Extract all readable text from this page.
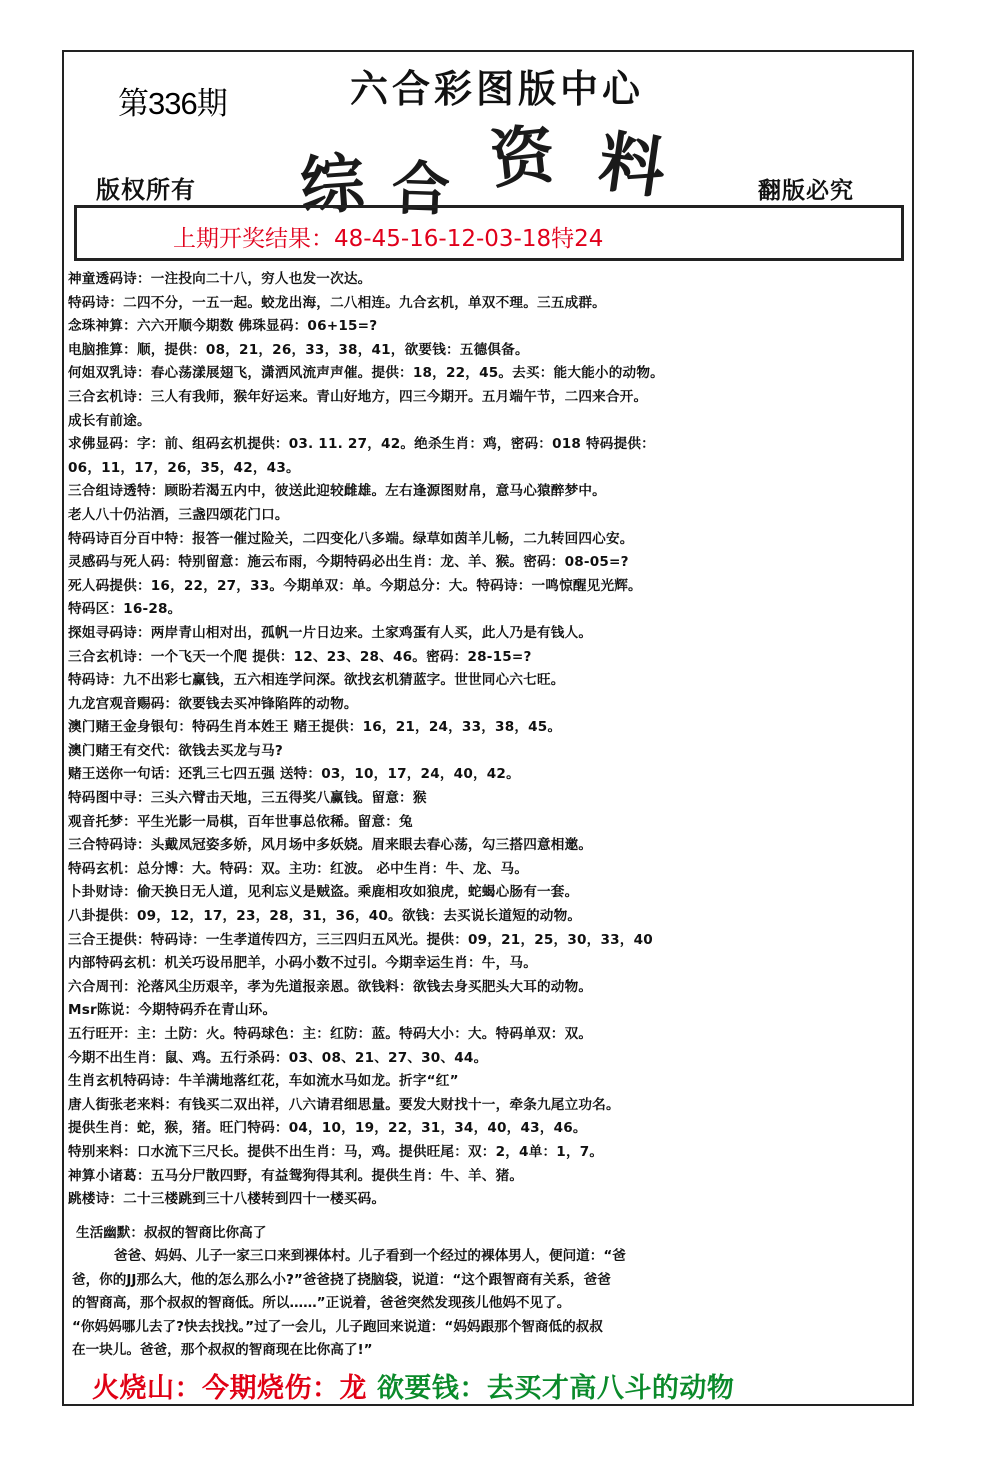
第336期	六合彩图版中心
综 合 资 料
版权所有	翻版必究
上期开奖结果：48-45-16-12-03-18特24
神童透码诗：一注投向二十八，穷人也发一次达。
特码诗：二四不分，一五一起。蛟龙出海，二八相连。九合玄机，单双不理。三五成群。
念珠神算：六六开顺今期数 佛珠显码：06+15=?
电脑推算：顺，提供：08，21，26，33，38，41，欲要钱：五德俱备。
何姐双乳诗：春心荡漾展翅飞，潇洒风流声声催。提供：18，22，45。去买：能大能小的动物。
三合玄机诗：三人有我师，猴年好运来。青山好地方，四三今期开。五月端午节，二四来合开。
成长有前途。
求佛显码：字：前、组码玄机提供：03. 11. 27，42。绝杀生肖：鸡，密码：018 特码提供：
06，11，17，26，35，42，43。
三合组诗透特：顾盼若渴五内中，彼送此迎较雌雄。左右逢源图财帛，意马心猿醉梦中。
老人八十仍沾酒，三盏四颂花门口。
特码诗百分百中特：报答一催过险关，二四变化八多端。绿草如茵羊儿畅，二九转回四心安。
灵感码与死人码：特别留意：施云布雨，今期特码必出生肖：龙、羊、猴。密码：08-05=?
死人码提供：16，22，27，33。今期单双：单。今期总分：大。特码诗：一鸣惊醒见光辉。
特码区：16-28。
探姐寻码诗：两岸青山相对出，孤帆一片日边来。土家鸡蛋有人买，此人乃是有钱人。
三合玄机诗：一个飞天一个爬 提供：12、23、28、46。密码：28-15=?
特码诗：九不出彩七赢钱，五六相连学问深。欲找玄机猜蓝字。世世同心六七旺。
九龙宫观音赐码：欲要钱去买冲锋陷阵的动物。
澳门赌王金身银句：特码生肖本姓王 赌王提供：16，21，24，33，38，45。
澳门赌王有交代：欲钱去买龙与马?
赌王送你一句话：还乳三七四五强 送特：03，10，17，24，40，42。
特码图中寻：三头六臂击天地，三五得奖八赢钱。留意：猴
观音托梦：平生光影一局棋，百年世事总依稀。留意：兔
三合特码诗：头戴凤冠姿多娇，风月场中多妖娆。眉来眼去春心荡，勾三搭四意相邀。
特码玄机：总分博：大。特码：双。主功：红波。 必中生肖：牛、龙、马。
卜卦财诗：偷天换日无人道，见利忘义是贼盗。乘鹿相攻如狼虎，蛇蝎心肠有一套。
八卦提供：09，12，17，23，28，31，36，40。欲钱：去买说长道短的动物。
三合王提供：特码诗：一生孝道传四方，三三四归五风光。提供：09，21，25，30，33，40
内部特码玄机：机关巧设吊肥羊，小码小数不过引。今期幸运生肖：牛，马。
六合周刊：沦落风尘历艰辛，孝为先道报亲恩。欲钱料：欲钱去身买肥头大耳的动物。
Msr陈说：今期特码乔在青山环。
五行旺开：主：土防：火。特码球色：主：红防：蓝。特码大小：大。特码单双：双。
今期不出生肖：鼠、鸡。五行杀码：03、08、21、27、30、44。
生肖玄机特码诗：牛羊满地落红花，车如流水马如龙。折字“红”
唐人街张老来料：有钱买二双出祥，八六请君细思量。要发大财找十一，牵条九尾立功名。
提供生肖：蛇，猴，猪。旺门特码：04，10，19，22，31，34，40，43，46。
特别来料：口水流下三尺长。提供不出生肖：马，鸡。提供旺尾：双：2，4单：1，7。
神算小诸葛：五马分尸散四野，有益鸳狗得其利。提供生肖：牛、羊、猪。
跳楼诗：二十三楼跳到三十八楼转到四十一楼买码。
生活幽默：叔叔的智商比你高了
爸爸、妈妈、儿子一家三口来到裸体村。儿子看到一个经过的裸体男人，便问道：“爸
爸，你的JJ那么大，他的怎么那么小?”爸爸挠了挠脑袋，说道：“这个跟智商有关系，爸爸
的智商高，那个叔叔的智商低。所以……”正说着，爸爸突然发现孩儿他妈不见了。
“你妈妈哪儿去了?快去找找。”过了一会儿，儿子跑回来说道：“妈妈跟那个智商低的叔叔
在一块儿。爸爸，那个叔叔的智商现在比你高了!”
火烧山：今期烧伤：龙 欲要钱：去买才高八斗的动物
